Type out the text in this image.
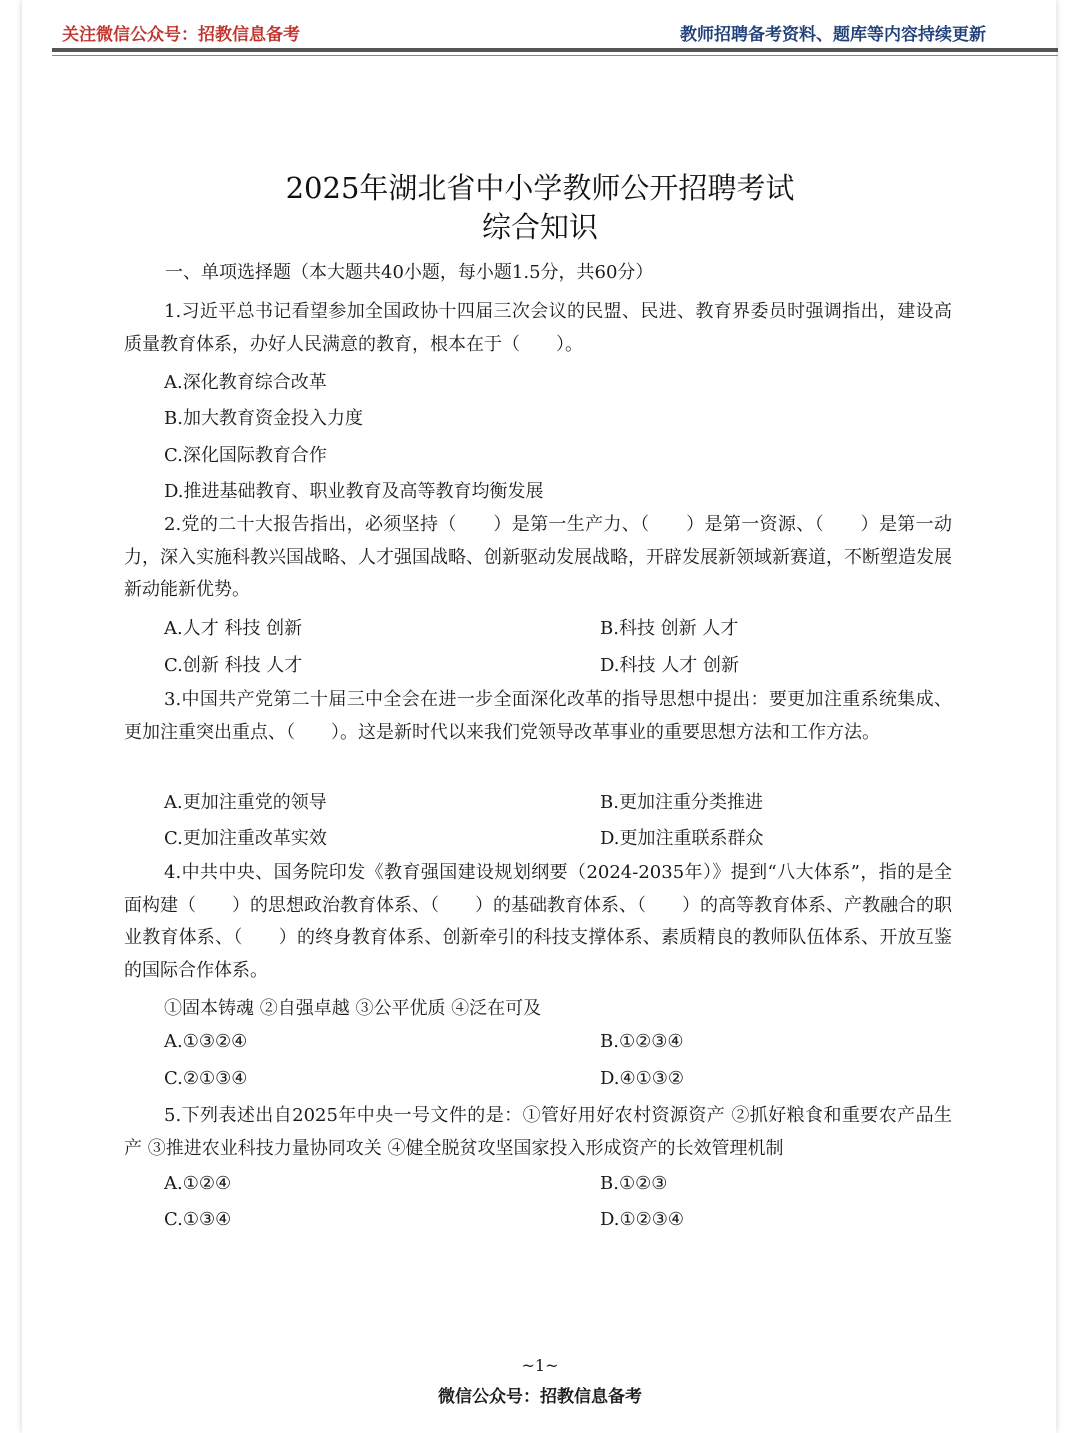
关注微信公众号：招教信息备考	教师招聘备考资料、题库等内容持续更新
2025年湖北省中小学教师公开招聘考试
综合知识
一、单项选择题（本大题共40小题，每小题1.5分，共60分）
1.习近平总书记看望参加全国政协十四届三次会议的民盟、民进、教育界委员时强调指出，建设高质量教育体系，办好人民满意的教育，根本在于（　　）。
A.深化教育综合改革
B.加大教育资金投入力度
C.深化国际教育合作
D.推进基础教育、职业教育及高等教育均衡发展
2.党的二十大报告指出，必须坚持（　　）是第一生产力、（　　）是第一资源、（　　）是第一动力，深入实施科教兴国战略、人才强国战略、创新驱动发展战略，开辟发展新领域新赛道，不断塑造发展新动能新优势。
A.人才 科技 创新	B.科技 创新 人才
C.创新 科技 人才	D.科技 人才 创新
3.中国共产党第二十届三中全会在进一步全面深化改革的指导思想中提出：要更加注重系统集成、更加注重突出重点、（　　）。这是新时代以来我们党领导改革事业的重要思想方法和工作方法。
A.更加注重党的领导	B.更加注重分类推进
C.更加注重改革实效	D.更加注重联系群众
4.中共中央、国务院印发《教育强国建设规划纲要（2024-2035年）》提到“八大体系”，指的是全面构建（　　）的思想政治教育体系、（　　）的基础教育体系、（　　）的高等教育体系、产教融合的职业教育体系、（　　）的终身教育体系、创新牵引的科技支撑体系、素质精良的教师队伍体系、开放互鉴的国际合作体系。
①固本铸魂 ②自强卓越 ③公平优质 ④泛在可及
A.①③②④	B.①②③④
C.②①③④	D.④①③②
5.下列表述出自2025年中央一号文件的是：①管好用好农村资源资产 ②抓好粮食和重要农产品生产 ③推进农业科技力量协同攻关 ④健全脱贫攻坚国家投入形成资产的长效管理机制
A.①②④	B.①②③
C.①③④	D.①②③④
~1~
微信公众号：招教信息备考
